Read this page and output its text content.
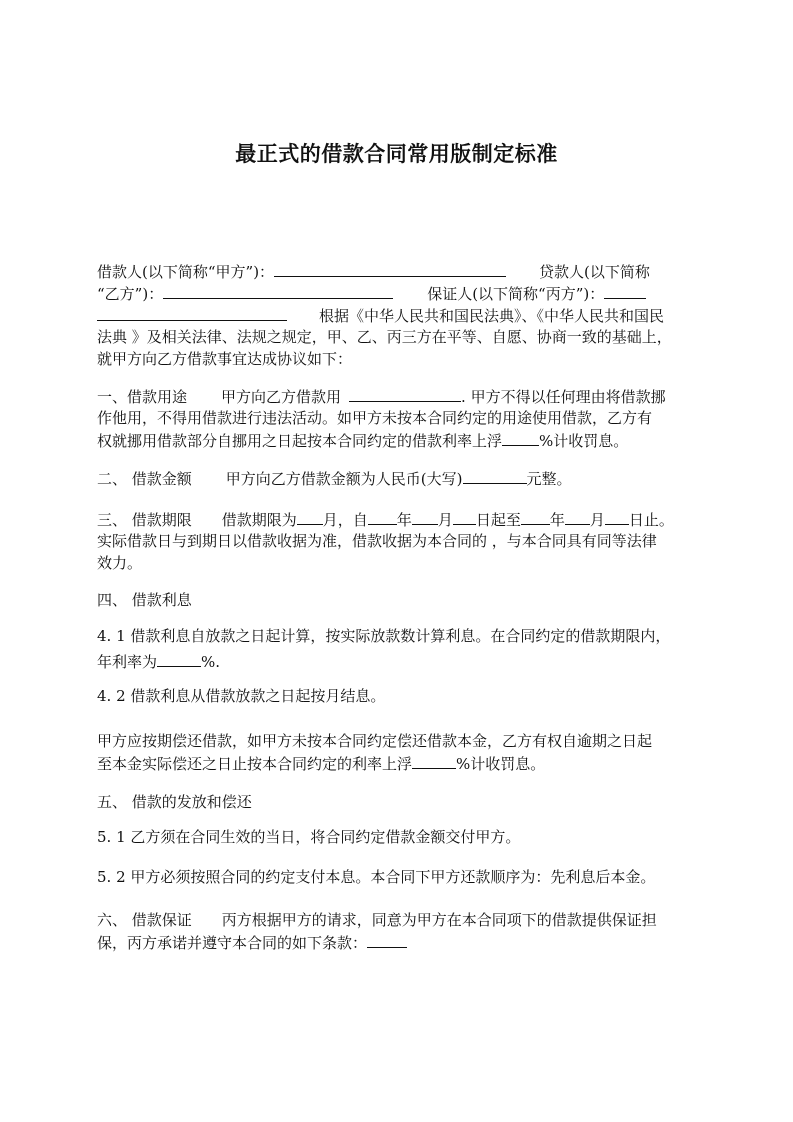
最正式的借款合同常用版制定标准
借款人(以下简称“甲方”)：	贷款人(以下简称
“乙方”)：	保证人(以下简称“丙方”)：
根据《中华人民共和国民法典》、《中华人民共和国民
法典 》及相关法律、法规之规定，甲、乙、丙三方在平等、自愿、协商一致的基础上，
就甲方向乙方借款事宜达成协议如下：
一、借款用途 甲方向乙方借款用	. 甲方不得以任何理由将借款挪
作他用，不得用借款进行违法活动。如甲方未按本合同约定的用途使用借款，乙方有
权就挪用借款部分自挪用之日起按本合同约定的借款利率上浮 %计收罚息。
二、 借款金额 甲方向乙方借款金额为人民币(大写)	元整。
三、 借款期限 借款期限为 月，自 年 月 日起至 年 月 日止。
实际借款日与到期日以借款收据为准，借款收据为本合同的 ，与本合同具有同等法律
效力。
四、 借款利息
4. 1 借款利息自放款之日起计算，按实际放款数计算利息。在合同约定的借款期限内，
年利率为	%.
4. 2 借款利息从借款放款之日起按月结息。
甲方应按期偿还借款，如甲方未按本合同约定偿还借款本金，乙方有权自逾期之日起
至本金实际偿还之日止按本合同约定的利率上浮	%计收罚息。
五、 借款的发放和偿还
5. 1 乙方须在合同生效的当日，将合同约定借款金额交付甲方。
5. 2 甲方必须按照合同的约定支付本息。本合同下甲方还款顺序为：先利息后本金。
六、 借款保证 丙方根据甲方的请求，同意为甲方在本合同项下的借款提供保证担
保，丙方承诺并遵守本合同的如下条款：
